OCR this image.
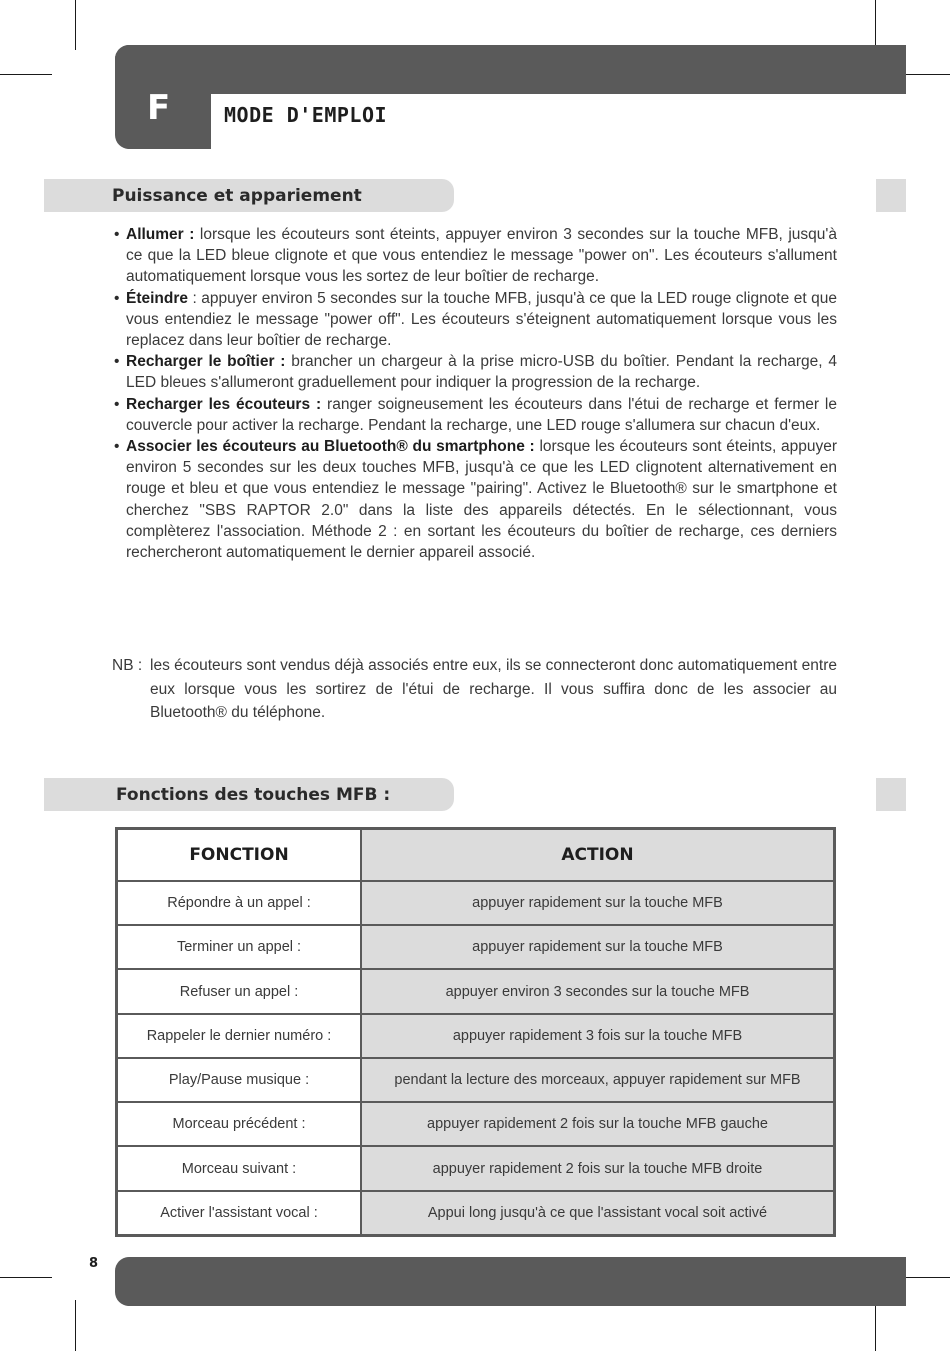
F	MODE D'EMPLOI
Puissance et appariement
• Allumer : lorsque les écouteurs sont éteints, appuyer environ 3 secondes sur la touche MFB, jusqu'à ce que la LED bleue clignote et que vous entendiez le message "power on". Les écouteurs s'allument automatiquement lorsque vous les sortez de leur boîtier de recharge.
• Éteindre : appuyer environ 5 secondes sur la touche MFB, jusqu'à ce que la LED rouge clignote et que vous entendiez le message "power off". Les écouteurs s'éteignent automatiquement lorsque vous les replacez dans leur boîtier de recharge.
• Recharger le boîtier : brancher un chargeur à la prise micro-USB du boîtier. Pendant la recharge, 4 LED bleues s'allumeront graduellement pour indiquer la progression de la recharge.
• Recharger les écouteurs : ranger soigneusement les écouteurs dans l'étui de recharge et fermer le couvercle pour activer la recharge. Pendant la recharge, une LED rouge s'allumera sur chacun d'eux.
• Associer les écouteurs au Bluetooth® du smartphone : lorsque les écouteurs sont éteints, appuyer environ 5 secondes sur les deux touches MFB, jusqu'à ce que les LED clignotent alternativement en rouge et bleu et que vous entendiez le message "pairing". Activez le Bluetooth® sur le smartphone et cherchez "SBS RAPTOR 2.0" dans la liste des appareils détectés. En le sélectionnant, vous complèterez l'association. Méthode 2 : en sortant les écouteurs du boîtier de recharge, ces derniers rechercheront automatiquement le dernier appareil associé.
NB : les écouteurs sont vendus déjà associés entre eux, ils se connecteront donc automatiquement entre eux lorsque vous les sortirez de l'étui de recharge. Il vous suffira donc de les associer au Bluetooth® du téléphone.
Fonctions des touches MFB :
FONCTION	ACTION
Répondre à un appel :	appuyer rapidement sur la touche MFB
Terminer un appel :	appuyer rapidement sur la touche MFB
Refuser un appel :	appuyer environ 3 secondes sur la touche MFB
Rappeler le dernier numéro :	appuyer rapidement 3 fois sur la touche MFB
Play/Pause musique :	pendant la lecture des morceaux, appuyer rapidement sur MFB
Morceau précédent :	appuyer rapidement 2 fois sur la touche MFB gauche
Morceau suivant :	appuyer rapidement 2 fois sur la touche MFB droite
Activer l'assistant vocal :	Appui long jusqu'à ce que l'assistant vocal soit activé
8
